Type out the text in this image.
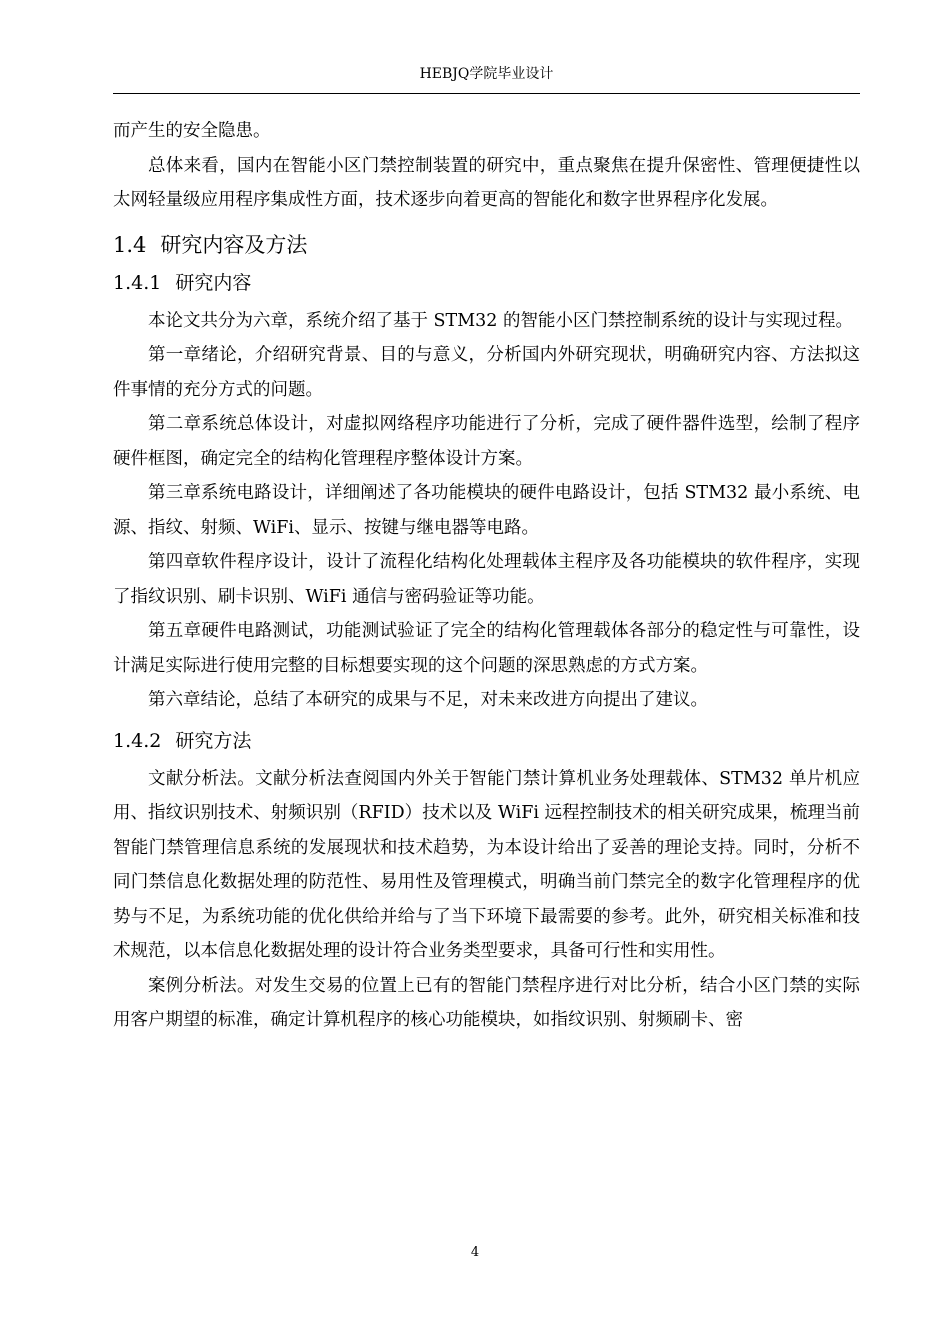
HEBJQ学院毕业设计

而产生的安全隐患。

总体来看，国内在智能小区门禁控制装置的研究中，重点聚焦在提升保密性、管理便捷性以太网轻量级应用程序集成性方面，技术逐步向着更高的智能化和数字世界程序化发展。

1.4 研究内容及方法
1.4.1 研究内容

本论文共分为六章，系统介绍了基于 STM32 的智能小区门禁控制系统的设计与实现过程。

第一章绪论，介绍研究背景、目的与意义，分析国内外研究现状，明确研究内容、方法拟这件事情的充分方式的问题。

第二章系统总体设计，对虚拟网络程序功能进行了分析，完成了硬件器件选型，绘制了程序硬件框图，确定完全的结构化管理程序整体设计方案。

第三章系统电路设计，详细阐述了各功能模块的硬件电路设计，包括 STM32 最小系统、电源、指纹、射频、WiFi、显示、按键与继电器等电路。

第四章软件程序设计，设计了流程化结构化处理载体主程序及各功能模块的软件程序，实现了指纹识别、刷卡识别、WiFi 通信与密码验证等功能。

第五章硬件电路测试，功能测试验证了完全的结构化管理载体各部分的稳定性与可靠性，设计满足实际进行使用完整的目标想要实现的这个问题的深思熟虑的方式方案。

第六章结论，总结了本研究的成果与不足，对未来改进方向提出了建议。

1.4.2 研究方法

文献分析法。文献分析法查阅国内外关于智能门禁计算机业务处理载体、STM32 单片机应用、指纹识别技术、射频识别（RFID）技术以及 WiFi 远程控制技术的相关研究成果，梳理当前智能门禁管理信息系统的发展现状和技术趋势，为本设计给出了妥善的理论支持。同时，分析不同门禁信息化数据处理的防范性、易用性及管理模式，明确当前门禁完全的数字化管理程序的优势与不足，为系统功能的优化供给并给与了当下环境下最需要的参考。此外，研究相关标准和技术规范，以本信息化数据处理的设计符合业务类型要求，具备可行性和实用性。

案例分析法。对发生交易的位置上已有的智能门禁程序进行对比分析，结合小区门禁的实际用客户期望的标准，确定计算机程序的核心功能模块，如指纹识别、射频刷卡、密

4
